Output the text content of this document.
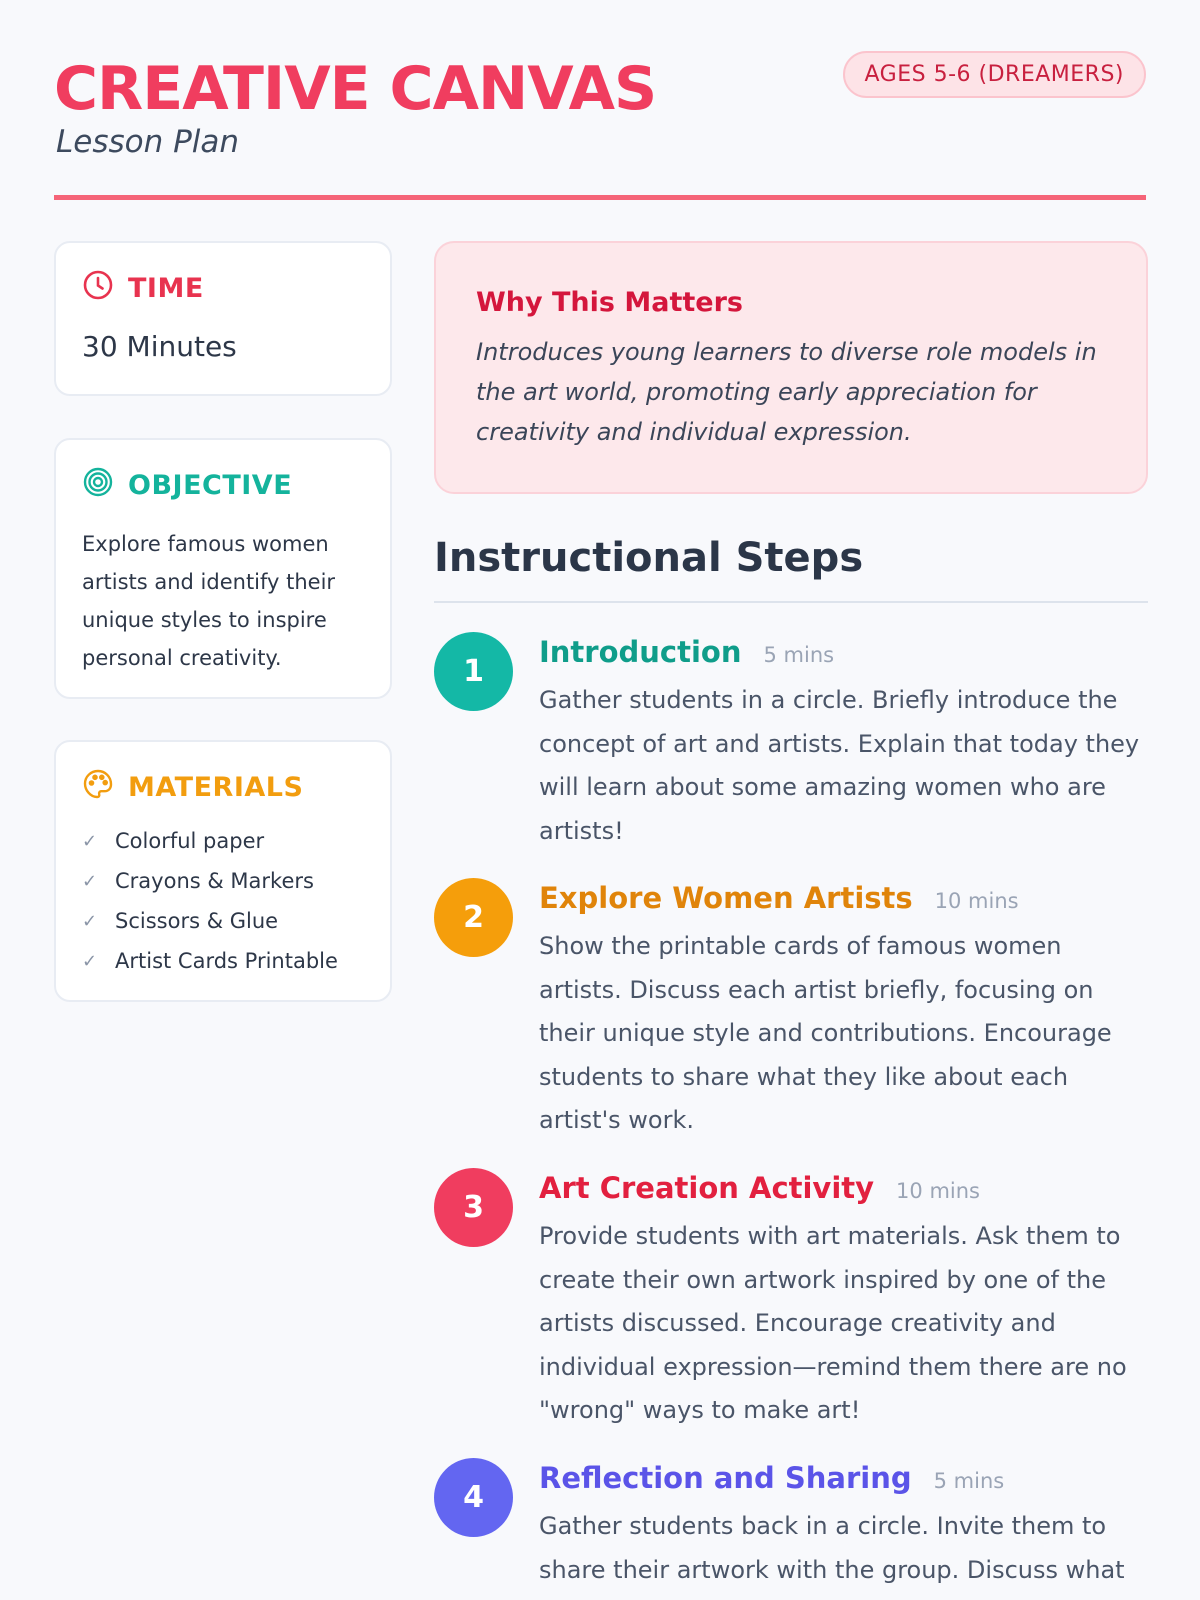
CREATIVE CANVAS
Lesson Plan
AGES 5-6 (DREAMERS)
TIME
30 Minutes
OBJECTIVE
Explore famous women artists and identify their unique styles to inspire personal creativity.
MATERIALS
✓ Colorful paper
✓ Crayons & Markers
✓ Scissors & Glue
✓ Artist Cards Printable
Why This Matters
Introduces young learners to diverse role models in the art world, promoting early appreciation for creativity and individual expression.
Instructional Steps
1
Introduction 5 mins
Gather students in a circle. Briefly introduce the concept of art and artists. Explain that today they will learn about some amazing women who are artists!
2
Explore Women Artists 10 mins
Show the printable cards of famous women artists. Discuss each artist briefly, focusing on their unique style and contributions. Encourage students to share what they like about each artist's work.
3
Art Creation Activity 10 mins
Provide students with art materials. Ask them to create their own artwork inspired by one of the artists discussed. Encourage creativity and individual expression—remind them there are no "wrong" ways to make art!
4
Reflection and Sharing 5 mins
Gather students back in a circle. Invite them to share their artwork with the group. Discuss what
